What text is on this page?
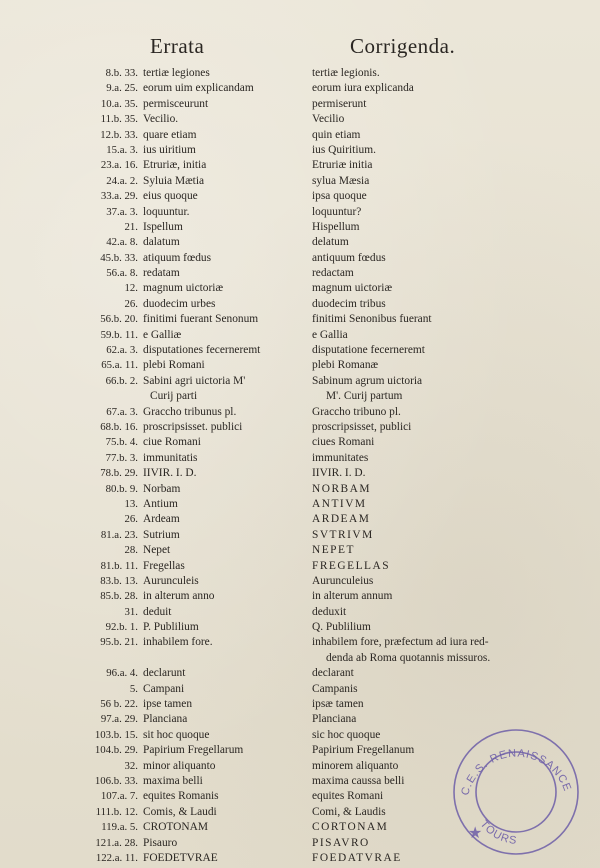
Errata	Corrigenda.
8.b. 33. tertiæ legiones	tertiæ legionis.
9.a. 25. eorum uim explicandam	eorum iura explicanda
10.a. 35. permisceurunt	permiserunt
11.b. 35. Vecilio.	Vecilio
12.b. 33. quare etiam	quin etiam
15.a. 3. ius uiritium	ius Quiritium.
23.a. 16. Etruriæ, initia	Etruriæ initia
24.a. 2. Syluia Mætia	sylua Mæsia
33.a. 29. eius quoque	ipsa quoque
37.a. 3. loquuntur.	loquuntur?
21. Ispellum	Hispellum
42.a. 8. dalatum	delatum
45.b. 33. atiquum fœdus	antiquum fœdus
56.a. 8. redatam	redactam
12. magnum uictoriæ	magnum uictoriæ
26. duodecim urbes	duodecim tribus
56.b. 20. finitimi fuerant Senonum	finitimi Senonibus fuerant
59.b. 11. e Galliæ	e Gallia
62.a. 3. disputationes fecerneremt	disputatione fecerneremt
65.a. 11. plebi Romani	plebi Romanæ
66.b. 2. Sabini agri uictoria M'	Sabinum agrum uictoria
Curij parti	M'. Curij partum
67.a. 3. Graccho tribunus pl.	Graccho tribuno pl.
68.b. 16. proscripsisset. publici	proscripsisset, publici
75.b. 4. ciue Romani	ciues Romani
77.b. 3. immunitatis	immunitates
78.b. 29. IIVIR. I. D.	IIVIR. I. D.
80.b. 9. Norbam	NORBAM
13. Antium	ANTIVM
26. Ardeam	ARDEAM
81.a. 23. Sutrium	SVTRIVM
28. Nepet	NEPET
81.b. 11. Fregellas	FREGELLAS
83.b. 13. Aurunculeis	Aurunculeius
85.b. 28. in alterum anno	in alterum annum
31. deduit	deduxit
92.b. 1. P. Publilium	Q. Publilium
95.b. 21. inhabilem fore.	inhabilem fore, præfectum ad iura red-
denda ab Roma quotannis missuros.
96.a. 4. declarunt	declarant
5. Campani	Campanis
56 b. 22. ipse tamen	ipsæ tamen
97.a. 29. Planciana	Planciana
103.b. 15. sit hoc quoque	sic hoc quoque
104.b. 29. Papirium Fregellarum	Papirium Fregellanum
32. minor aliquanto	minorem aliquanto
106.b. 33. maxima belli	maxima caussa belli
107.a. 7. equites Romanis	equites Romani
111.b. 12. Comis, & Laudi	Comi, & Laudis
119.a. 5. CROTONAM	CORTONAM
121.a. 28. Pisauro	PISAVRO
122.a. 11. FOEDETVRAE	FOEDATVRAE
C.E.S. RENAISSANCE
TOURS
★
